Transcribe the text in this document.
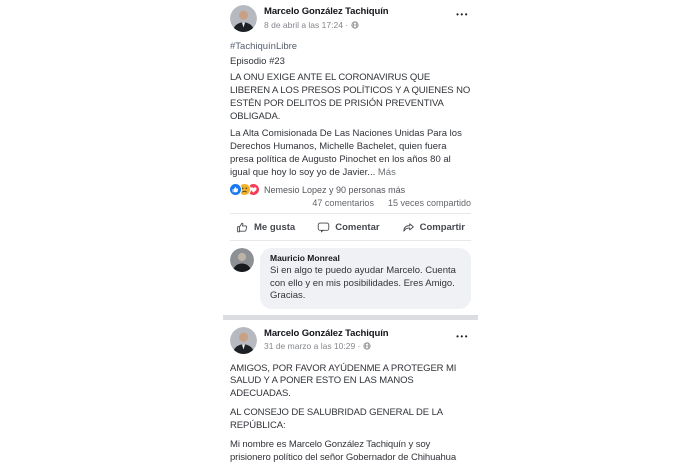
Marcelo González Tachiquín
8 de abril a las 17:24 ·
•••
#TachiquínLibre
Episodio #23
LA ONU EXIGE ANTE EL CORONAVIRUS QUE LIBEREN A LOS PRESOS POLÍTICOS Y A QUIENES NO ESTÉN POR DELITOS DE PRISIÓN PREVENTIVA OBLIGADA.
La Alta Comisionada De Las Naciones Unidas Para los Derechos Humanos, Michelle Bachelet, quien fuera presa política de Augusto Pinochet en los años 80 al igual que hoy lo soy yo de Javier... Más
Nemesio Lopez y 90 personas más
47 comentarios 15 veces compartido
Me gusta	Comentar	Compartir
Mauricio Monreal
Si en algo te puedo ayudar Marcelo. Cuenta con ello y en mis posibilidades. Eres Amigo. Gracias.
Marcelo González Tachiquín
31 de marzo a las 10:29 ·
•••
AMIGOS, POR FAVOR AYÚDENME A PROTEGER MI SALUD Y A PONER ESTO EN LAS MANOS ADECUADAS.
AL CONSEJO DE SALUBRIDAD GENERAL DE LA REPÚBLICA:
Mi nombre es Marcelo González Tachiquín y soy prisionero político del señor Gobernador de Chihuahua
